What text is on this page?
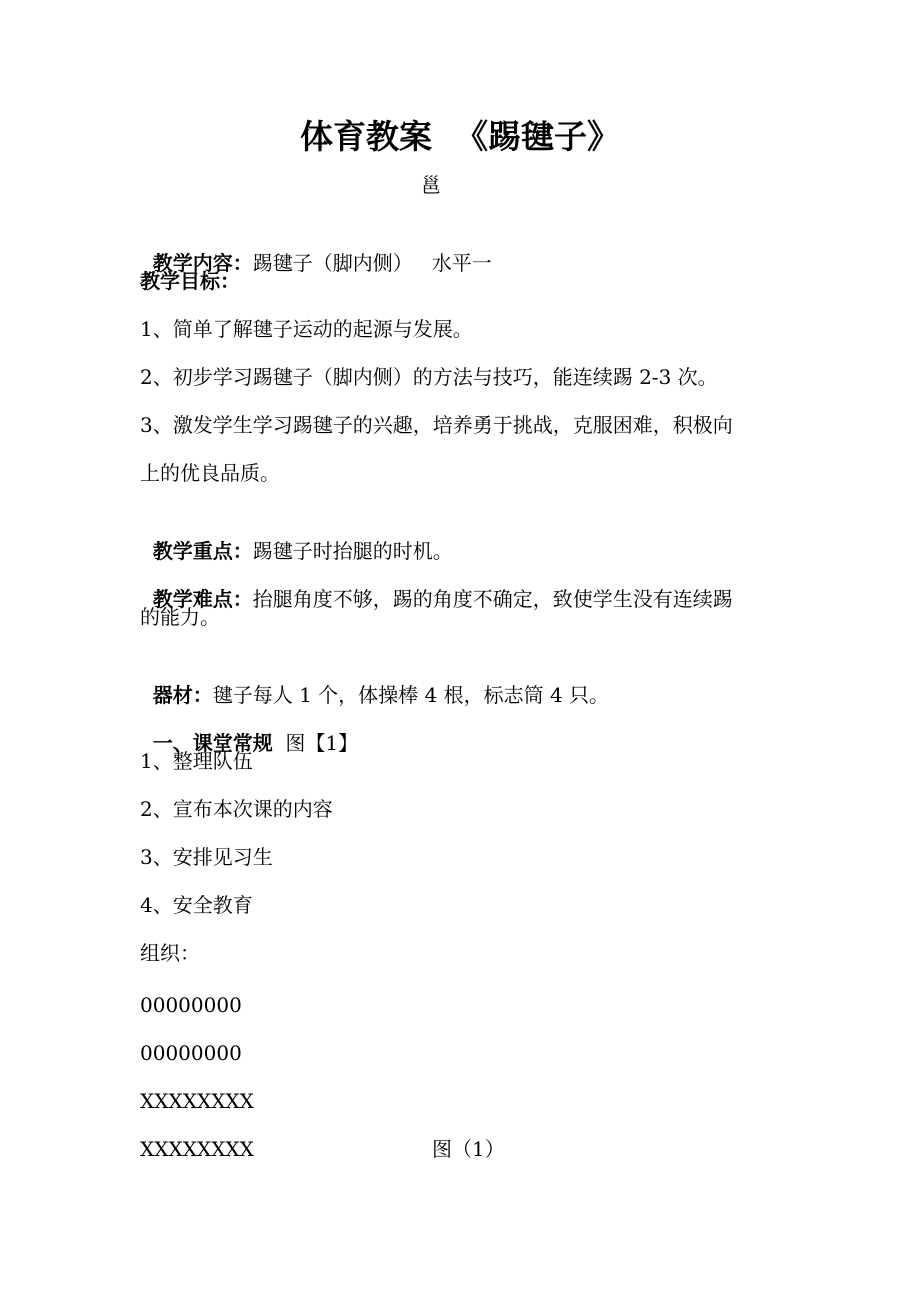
体育教案  《踢毽子》
邕

教学内容：踢毽子（脚内侧）   水平一

教学目标：
1、简单了解毽子运动的起源与发展。
2、初步学习踢毽子（脚内侧）的方法与技巧，能连续踢 2-3 次。
3、激发学生学习踢毽子的兴趣，培养勇于挑战，克服困难，积极向
上的优良品质。

教学重点：踢毽子时抬腿的时机。

教学难点：抬腿角度不够，踢的角度不确定，致使学生没有连续踢

的能力。

器材：毽子每人 1 个，体操棒 4 根，标志筒 4 只。

一、课堂常规  图【1】

1、整理队伍
2、宣布本次课的内容
3、安排见习生
4、安全教育
组织：
00000000
00000000
XXXXXXXX
XXXXXXXX	图（1）
